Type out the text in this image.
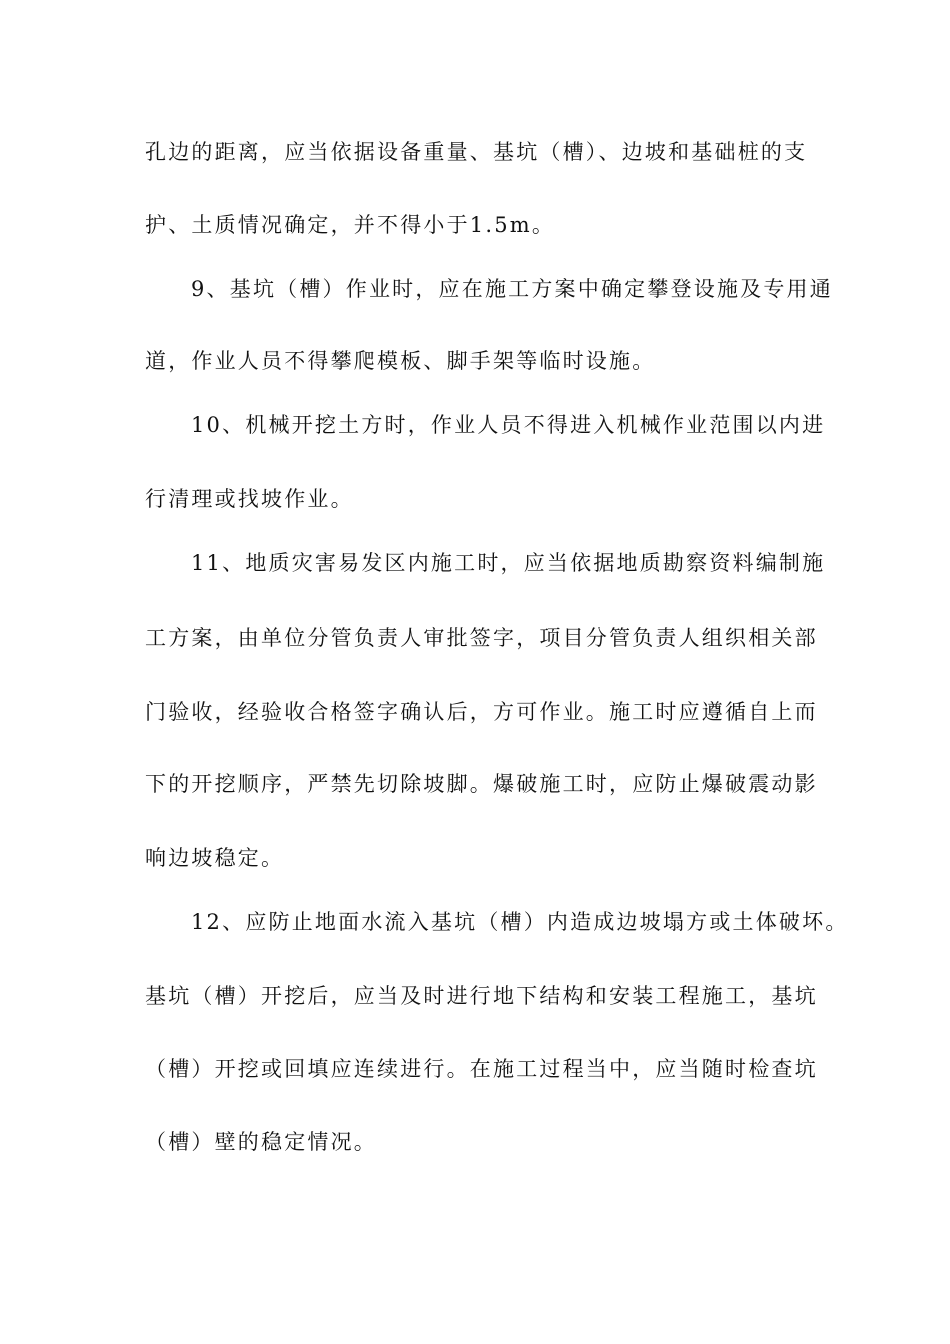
孔边的距离，应当依据设备重量、基坑（槽）、边坡和基础桩的支
护、土质情况确定，并不得小于1.5m。
9、基坑（槽）作业时，应在施工方案中确定攀登设施及专用通
道，作业人员不得攀爬模板、脚手架等临时设施。
10、机械开挖土方时，作业人员不得进入机械作业范围以内进
行清理或找坡作业。
11、地质灾害易发区内施工时，应当依据地质勘察资料编制施
工方案，由单位分管负责人审批签字，项目分管负责人组织相关部
门验收，经验收合格签字确认后，方可作业。施工时应遵循自上而
下的开挖顺序，严禁先切除坡脚。爆破施工时，应防止爆破震动影
响边坡稳定。
12、应防止地面水流入基坑（槽）内造成边坡塌方或土体破坏。
基坑（槽）开挖后，应当及时进行地下结构和安装工程施工，基坑
（槽）开挖或回填应连续进行。在施工过程当中，应当随时检查坑
（槽）壁的稳定情况。
